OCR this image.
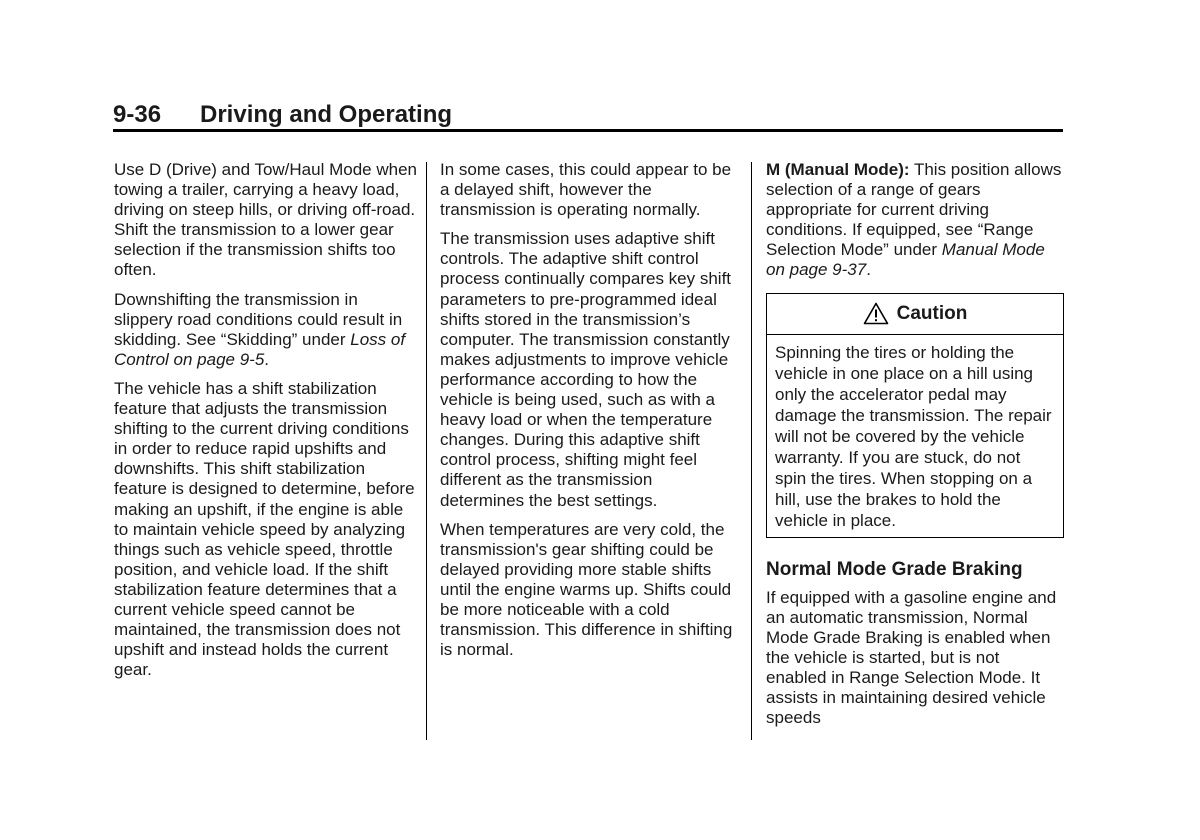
9-36 Driving and Operating

Use D (Drive) and Tow/Haul Mode when towing a trailer, carrying a heavy load, driving on steep hills, or driving off-road. Shift the transmission to a lower gear selection if the transmission shifts too often.

Downshifting the transmission in slippery road conditions could result in skidding. See “Skidding” under Loss of Control on page 9-5.

The vehicle has a shift stabilization feature that adjusts the transmission shifting to the current driving conditions in order to reduce rapid upshifts and downshifts. This shift stabilization feature is designed to determine, before making an upshift, if the engine is able to maintain vehicle speed by analyzing things such as vehicle speed, throttle position, and vehicle load. If the shift stabilization feature determines that a current vehicle speed cannot be maintained, the transmission does not upshift and instead holds the current gear.

In some cases, this could appear to be a delayed shift, however the transmission is operating normally.

The transmission uses adaptive shift controls. The adaptive shift control process continually compares key shift parameters to pre-programmed ideal shifts stored in the transmission’s computer. The transmission constantly makes adjustments to improve vehicle performance according to how the vehicle is being used, such as with a heavy load or when the temperature changes. During this adaptive shift control process, shifting might feel different as the transmission determines the best settings.

When temperatures are very cold, the transmission's gear shifting could be delayed providing more stable shifts until the engine warms up. Shifts could be more noticeable with a cold transmission. This difference in shifting is normal.

M (Manual Mode): This position allows selection of a range of gears appropriate for current driving conditions. If equipped, see “Range Selection Mode” under Manual Mode on page 9-37.

Caution
Spinning the tires or holding the vehicle in one place on a hill using only the accelerator pedal may damage the transmission. The repair will not be covered by the vehicle warranty. If you are stuck, do not spin the tires. When stopping on a hill, use the brakes to hold the vehicle in place.
Normal Mode Grade Braking

If equipped with a gasoline engine and an automatic transmission, Normal Mode Grade Braking is enabled when the vehicle is started, but is not enabled in Range Selection Mode. It assists in maintaining desired vehicle speeds
